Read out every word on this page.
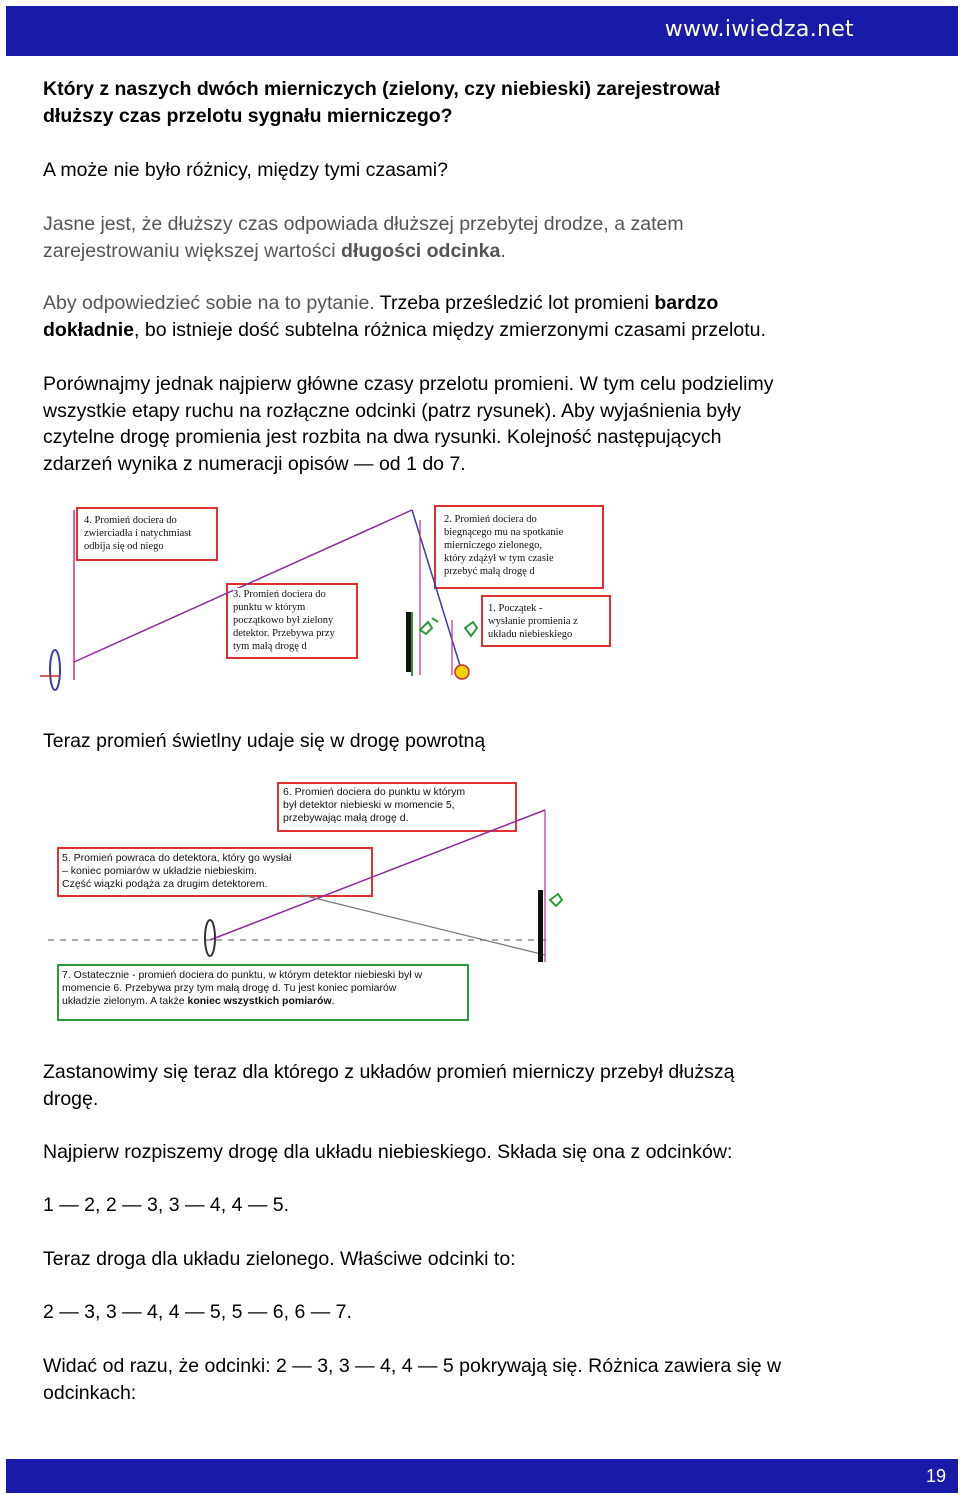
www.iwiedza.net
19

Który z naszych dwóch mierniczych (zielony, czy niebieski) zarejestrował
dłuższy czas przelotu sygnału mierniczego?

A może nie było różnicy, między tymi czasami?

Jasne jest, że dłuższy czas odpowiada dłuższej przebytej drodze, a zatem
zarejestrowaniu większej wartości długości odcinka.

Aby odpowiedzieć sobie na to pytanie. Trzeba prześledzić lot promieni bardzo
dokładnie, bo istnieje dość subtelna różnica między zmierzonymi czasami przelotu.

Porównajmy jednak najpierw główne czasy przelotu promieni. W tym celu podzielimy
wszystkie etapy ruchu na rozłączne odcinki (patrz rysunek). Aby wyjaśnienia były
czytelne drogę promienia jest rozbita na dwa rysunki. Kolejność następujących
zdarzeń wynika z numeracji opisów — od 1 do 7.

4. Promień dociera do
zwierciadła i natychmiast
odbija się od niego
2. Promień dociera do
biegnącego mu na spotkanie
mierniczego zielonego,
który zdążył w tym czasie
przebyć małą drogę d
3. Promień dociera do
punktu w którym
początkowo był zielony
detektor. Przebywa przy
tym małą drogę d
1. Początek -
wysłanie promienia z
układu niebieskiego

Teraz promień świetlny udaje się w drogę powrotną

6. Promień dociera do punktu w którym
był detektor niebieski w momencie 5,
przebywając małą drogę d.
5. Promień powraca do detektora, który go wysłał
– koniec pomiarów w układzie niebieskim.
Część wiązki podąża za drugim detektorem.
7. Ostatecznie - promień dociera do punktu, w którym detektor niebieski był w
momencie 6. Przebywa przy tym małą drogę d. Tu jest koniec pomiarów
układzie zielonym. A także koniec wszystkich pomiarów.

Zastanowimy się teraz dla którego z układów promień mierniczy przebył dłuższą
drogę.

Najpierw rozpiszemy drogę dla układu niebieskiego. Składa się ona z odcinków:

1 — 2, 2 — 3, 3 — 4, 4 — 5.

Teraz droga dla układu zielonego. Właściwe odcinki to:

2 — 3, 3 — 4, 4 — 5, 5 — 6, 6 — 7.

Widać od razu, że odcinki: 2 — 3, 3 — 4, 4 — 5 pokrywają się. Różnica zawiera się w
odcinkach:
